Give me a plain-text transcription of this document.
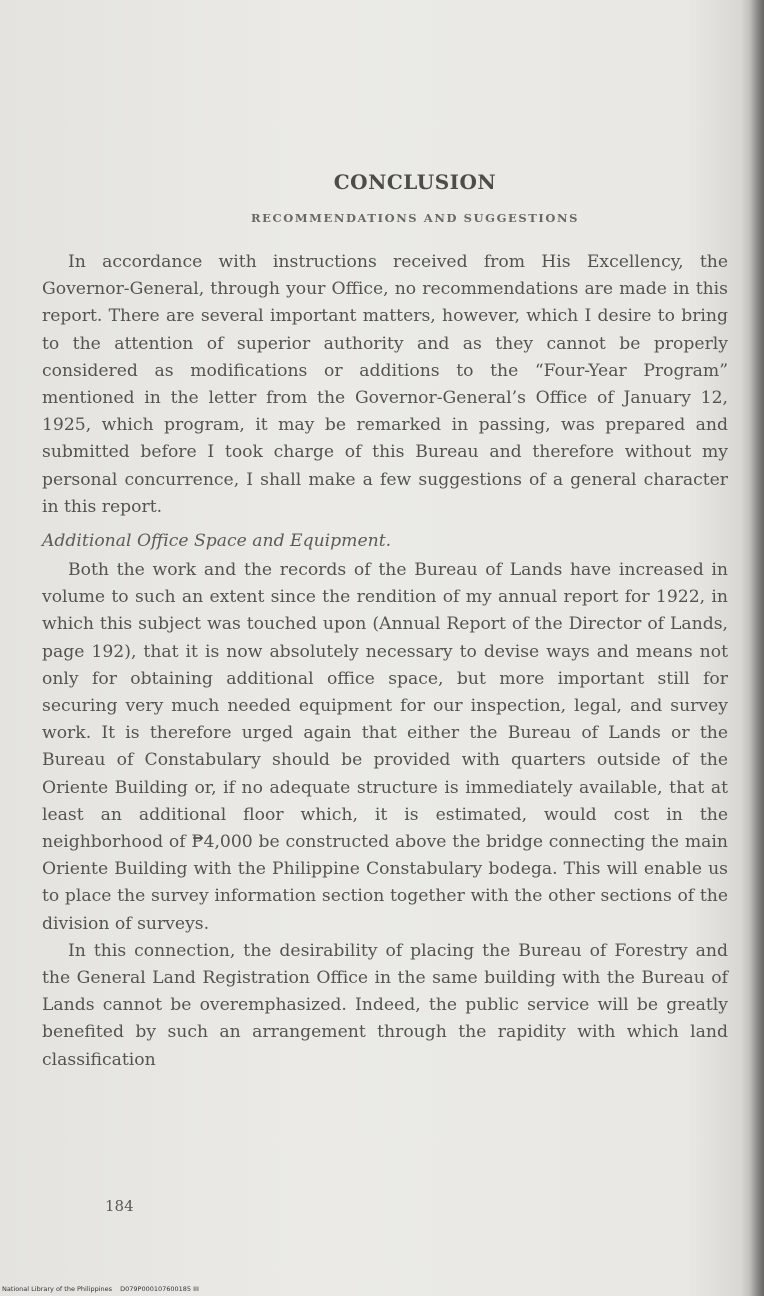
CONCLUSION
RECOMMENDATIONS AND SUGGESTIONS

In accordance with instructions received from His Excellency, the Governor-General, through your Office, no recommendations are made in this report. There are several important matters, however, which I desire to bring to the attention of superior authority and as they cannot be properly considered as modifications or additions to the “Four-Year Program” mentioned in the letter from the Governor-General’s Office of January 12, 1925, which program, it may be remarked in passing, was prepared and submitted before I took charge of this Bureau and therefore without my personal concurrence, I shall make a few suggestions of a general character in this report.

Additional Office Space and Equipment.

Both the work and the records of the Bureau of Lands have increased in volume to such an extent since the rendition of my annual report for 1922, in which this subject was touched upon (Annual Report of the Director of Lands, page 192), that it is now absolutely necessary to devise ways and means not only for obtaining additional office space, but more important still for securing very much needed equipment for our inspection, legal, and survey work. It is therefore urged again that either the Bureau of Lands or the Bureau of Constabulary should be provided with quarters outside of the Oriente Building or, if no adequate structure is immediately available, that at least an additional floor which, it is estimated, would cost in the neighborhood of ₱4,000 be constructed above the bridge connecting the main Oriente Building with the Philippine Constabulary bodega. This will enable us to place the survey information section together with the other sections of the division of surveys.

In this connection, the desirability of placing the Bureau of Forestry and the General Land Registration Office in the same building with the Bureau of Lands cannot be overemphasized. Indeed, the public service will be greatly benefited by such an arrangement through the rapidity with which land classification

184
National Library of the Philippines D079P000107600185 III
